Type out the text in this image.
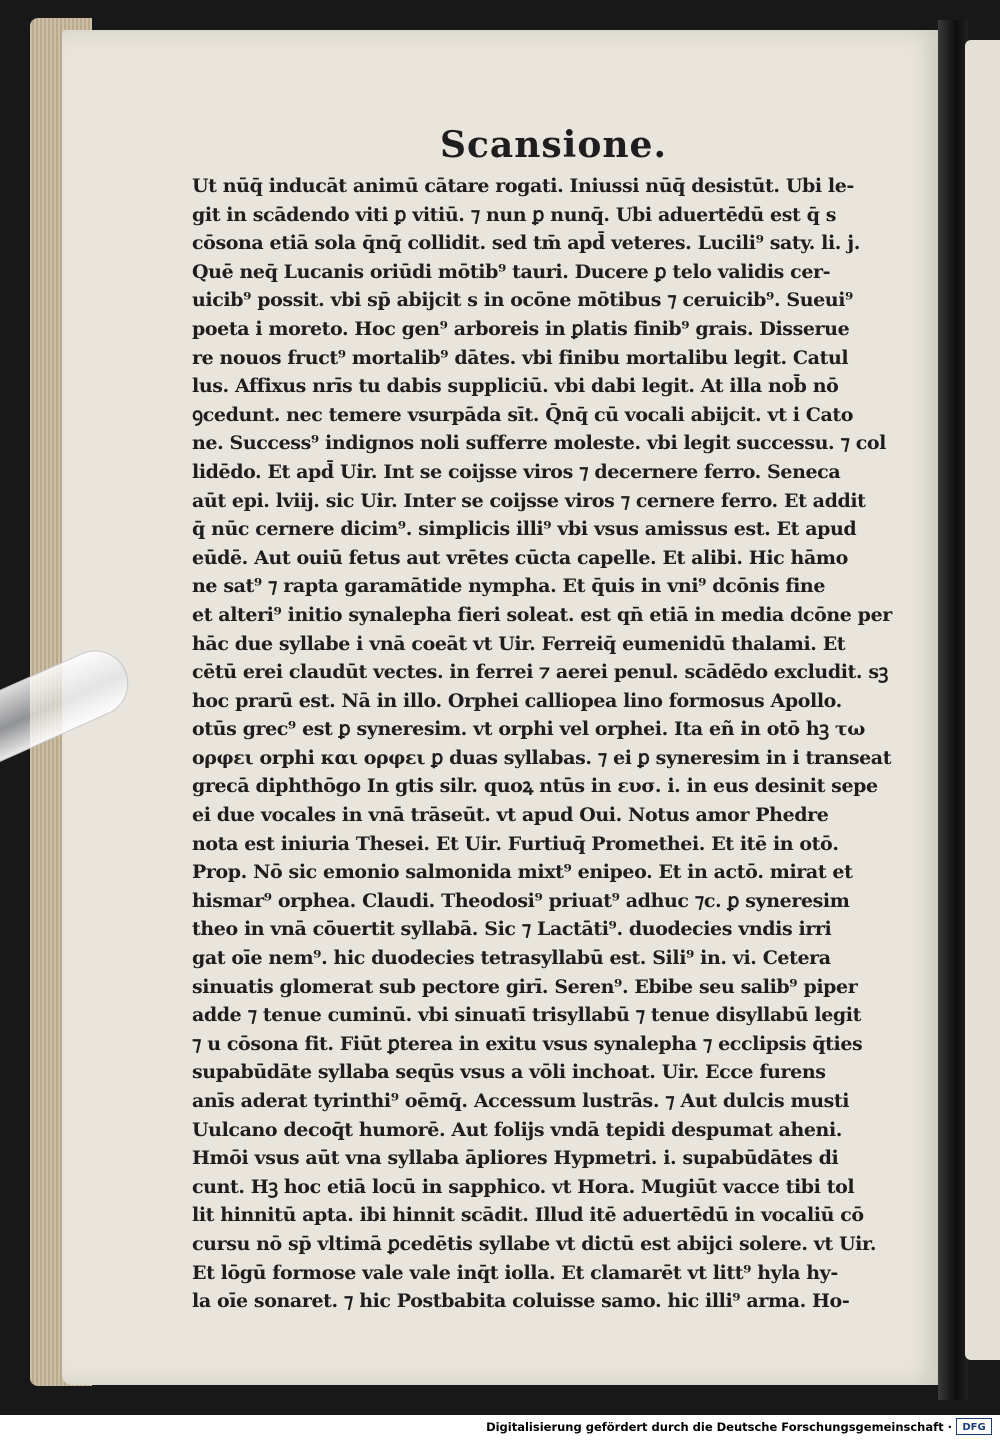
Scansione.
Ut nūq̄ inducāt animū cātare rogati. Iniussi nūq̄ desistūt. Ubi le-
git in scādendo viti ꝑ vitiū. ⁊ nun ꝑ nunq̄. Ubi aduertēdū est q̄ s
cōsona etiā sola q̄nq̄ collidit. sed tm̄ apd̄ veteres. Lucili⁹ saty. li. j.
Quē neq̄ Lucanis oriūdi mōtib⁹ tauri. Ducere ꝑ telo validis cer-
uicib⁹ possit. vbi sp̄ abijcit s in ocōne mōtibus ⁊ ceruicib⁹. Sueui⁹
poeta i moreto. Hoc gen⁹ arboreis in ꝑlatis finib⁹ grais. Disserue
re nouos fruct⁹ mortalib⁹ dātes. vbi finibu mortalibu legit. Catul
lus. Affixus nrīs tu dabis suppliciū. vbi dabi legit. At illa nob̄ nō
ꝯcedunt. nec temere vsurpāda sīt. Q̄nq̄ cū vocali abijcit. vt i Cato
ne. Success⁹ indignos noli sufferre moleste. vbi legit successu. ⁊ col
lidēdo. Et apd̄ Uir. Int se coijsse viros ⁊ decernere ferro. Seneca
aūt epi. lviij. sic Uir. Inter se coijsse viros ⁊ cernere ferro. Et addit
q̄ nūc cernere dicim⁹. simplicis illi⁹ vbi vsus amissus est. Et apud
eūdē. Aut ouiū fetus aut vrētes cūcta capelle. Et alibi. Hic hāmo
ne sat⁹ ⁊ rapta garamātide nympha. Et q̄uis in vni⁹ dcōnis fine
et alteri⁹ initio synalepha fieri soleat. est qn̄ etiā in media dcōne per
hāc due syllabe i vnā coeāt vt Uir. Ferreiq̄ eumenidū thalami. Et
cētū erei claudūt vectes. in ferrei ⁊ aerei penul. scādēdo excludit. sꝫ
hoc prarū est. Nā in illo. Orphei calliopea lino formosus Apollo.
otūs grec⁹ est ꝑ syneresim. vt orphi vel orphei. Ita eñ in otō hꝫ τω
ορφει orphi και ορφει ꝑ duas syllabas. ⁊ ei ꝑ syneresim in i transeat
grecā diphthōgo In gtis silr. quoꝝ ntūs in ευσ. i. in eus desinit sepe
ei due vocales in vnā trāseūt. vt apud Oui. Notus amor Phedre
nota est iniuria Thesei. Et Uir. Furtiuq̄ Promethei. Et itē in otō.
Prop. Nō sic emonio salmonida mixt⁹ enipeo. Et in actō. mirat et
hismar⁹ orphea. Claudi. Theodosi⁹ priuat⁹ adhuc ⁊c. ꝑ syneresim
theo in vnā cōuertit syllabā. Sic ⁊ Lactāti⁹. duodecies vndis irri
gat oīe nem⁹. hic duodecies tetrasyllabū est. Sili⁹ in. vi. Cetera
sinuatis glomerat sub pectore girī. Seren⁹. Ebibe seu salib⁹ piper
adde ⁊ tenue cuminū. vbi sinuatī trisyllabū ⁊ tenue disyllabū legit
⁊ u cōsona fit. Fiūt ꝑterea in exitu vsus synalepha ⁊ ecclipsis q̄ties
supabūdāte syllaba seqūs vsus a vōli inchoat. Uir. Ecce furens
anīs aderat tyrinthi⁹ oēmq̄. Accessum lustrās. ⁊ Aut dulcis musti
Uulcano decoq̄t humorē. Aut folijs vndā tepidi despumat aheni.
Hmōi vsus aūt vna syllaba āpliores Hypmetri. i. supabūdātes di
cunt. Hꝫ hoc etiā locū in sapphico. vt Hora. Mugiūt vacce tibi tol
lit hinnitū apta. ibi hinnit scādit. Illud itē aduertēdū in vocaliū cō
cursu nō sp̄ vltimā ꝑcedētis syllabe vt dictū est abijci solere. vt Uir.
Et lōgū formose vale vale inq̄t iolla. Et clamarēt vt litt⁹ hyla hy-
la oīe sonaret. ⁊ hic Postbabita coluisse samo. hic illi⁹ arma. Ho-
Digitalisierung gefördert durch die Deutsche Forschungsgemeinschaft ·	DFG
